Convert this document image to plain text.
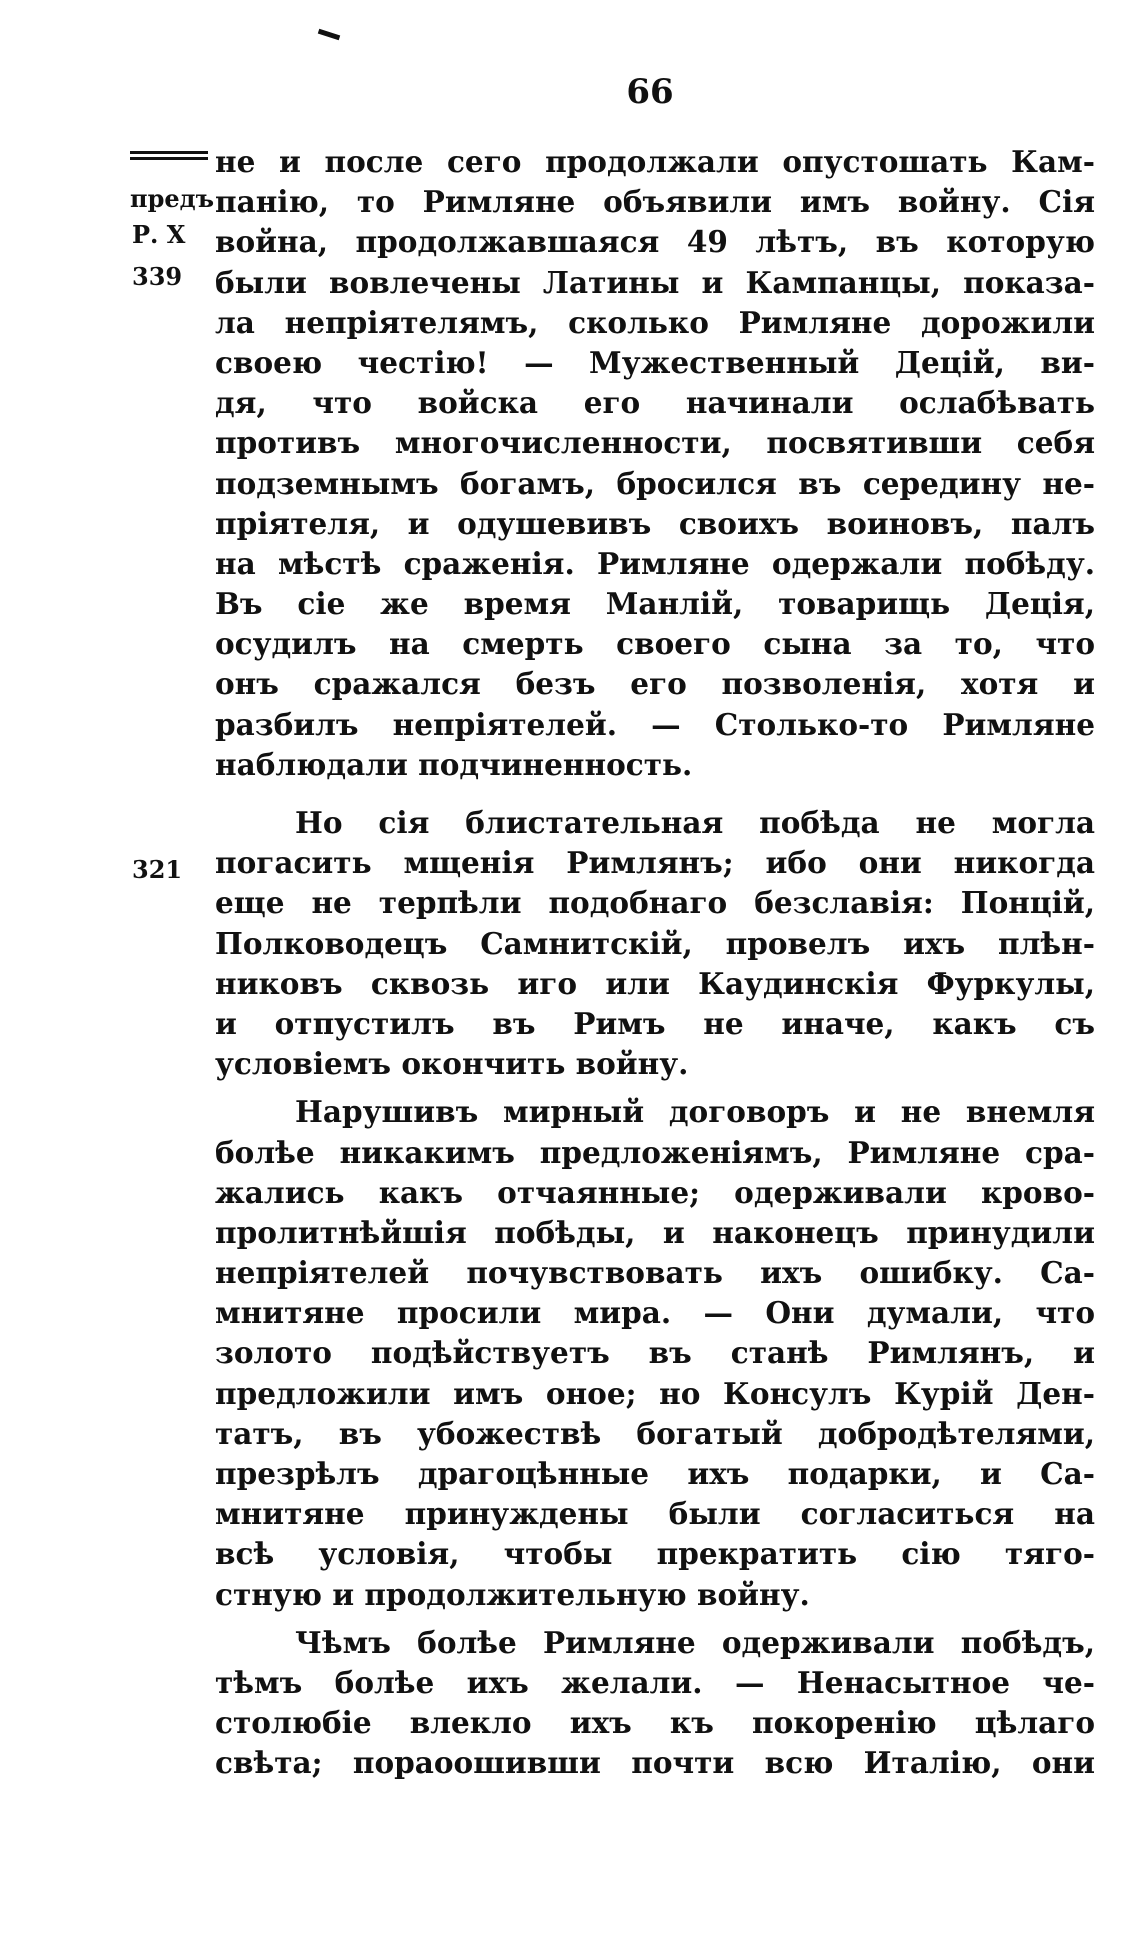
66
предъ
Р. Х
339
321
не и после сего продолжали опустошать Кам-
панію, то Римляне объявили имъ войну. Сія
война, продолжавшаяся 49 лѣтъ, въ которую
были вовлечены Латины и Кампанцы, показа-
ла непріятелямъ, сколько Римляне дорожили
своею честію! — Мужественный Децій, ви-
дя, что войска его начинали ослабѣвать
противъ многочисленности, посвятивши себя
подземнымъ богамъ, бросился въ середину не-
пріятеля, и одушевивъ своихъ воиновъ, палъ
на мѣстѣ сраженія. Римляне одержали побѣду.
Въ сіе же время Манлій, товарищь Деція,
осудилъ на смерть своего сына за то, что
онъ сражался безъ его позволенія, хотя и
разбилъ непріятелей. — Столько-то Римляне
наблюдали подчиненность.
Но сія блистательная побѣда не могла
погасить мщенія Римлянъ; ибо они никогда
еще не терпѣли подобнаго безславія: Понцій,
Полководецъ Самнитскій, провелъ ихъ плѣн-
никовъ сквозь иго или Каудинскія Фуркулы,
и отпустилъ въ Римъ не иначе, какъ съ
условіемъ окончить войну.
Нарушивъ мирный договоръ и не внемля
болѣе никакимъ предложеніямъ, Римляне сра-
жались какъ отчаянные; одерживали крово-
пролитнѣйшія побѣды, и наконецъ принудили
непріятелей почувствовать ихъ ошибку. Са-
мнитяне просили мира. — Они думали, что
золото подѣйствуетъ въ станѣ Римлянъ, и
предложили имъ оное; но Консулъ Курій Ден-
татъ, въ убожествѣ богатый добродѣтелями,
презрѣлъ драгоцѣнные ихъ подарки, и Са-
мнитяне принуждены были согласиться на
всѣ условія, чтобы прекратить сію тяго-
стную и продолжительную войну.
Чѣмъ болѣе Римляне одерживали побѣдъ,
тѣмъ болѣе ихъ желали. — Ненасытное че-
столюбіе влекло ихъ къ покоренію цѣлаго
свѣта; пораоошивши почти всю Италію, они
